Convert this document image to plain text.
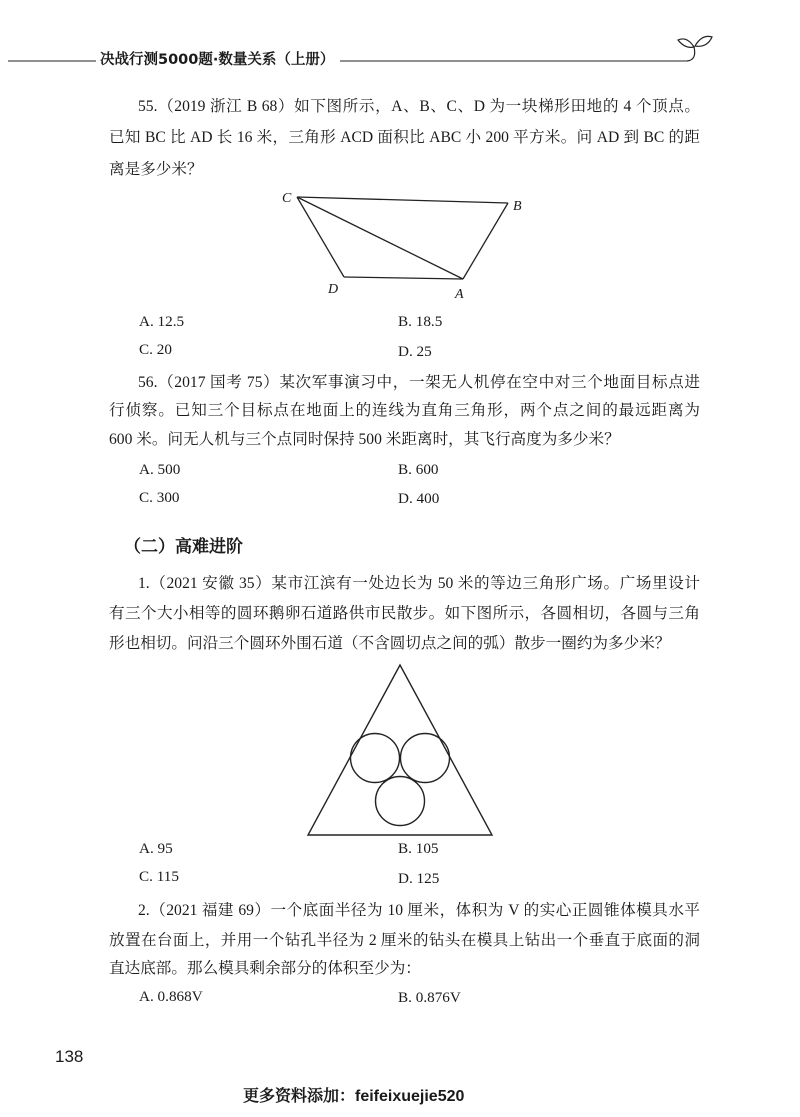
决战行测5000题·数量关系（上册）
55.（2019 浙江 B 68）如下图所示，A、B、C、D 为一块梯形田地的 4 个顶点。
已知 BC 比 AD 长 16 米，三角形 ACD 面积比 ABC 小 200 平方米。问 AD 到 BC 的距
离是多少米？
C
B
D	A
A. 12.5	B. 18.5
C. 20	D. 25
56.（2017 国考 75）某次军事演习中，一架无人机停在空中对三个地面目标点进
行侦察。已知三个目标点在地面上的连线为直角三角形，两个点之间的最远距离为
600 米。问无人机与三个点同时保持 500 米距离时，其飞行高度为多少米？
A. 500	B. 600
C. 300	D. 400
（二）高难进阶
1.（2021 安徽 35）某市江滨有一处边长为 50 米的等边三角形广场。广场里设计
有三个大小相等的圆环鹅卵石道路供市民散步。如下图所示，各圆相切，各圆与三角
形也相切。问沿三个圆环外围石道（不含圆切点之间的弧）散步一圈约为多少米？
A. 95	B. 105
C. 115	D. 125
2.（2021 福建 69）一个底面半径为 10 厘米，体积为 V 的实心正圆锥体模具水平
放置在台面上，并用一个钻孔半径为 2 厘米的钻头在模具上钻出一个垂直于底面的洞
直达底部。那么模具剩余部分的体积至少为：
A. 0.868V	B. 0.876V
138
更多资料添加：feifeixuejie520
